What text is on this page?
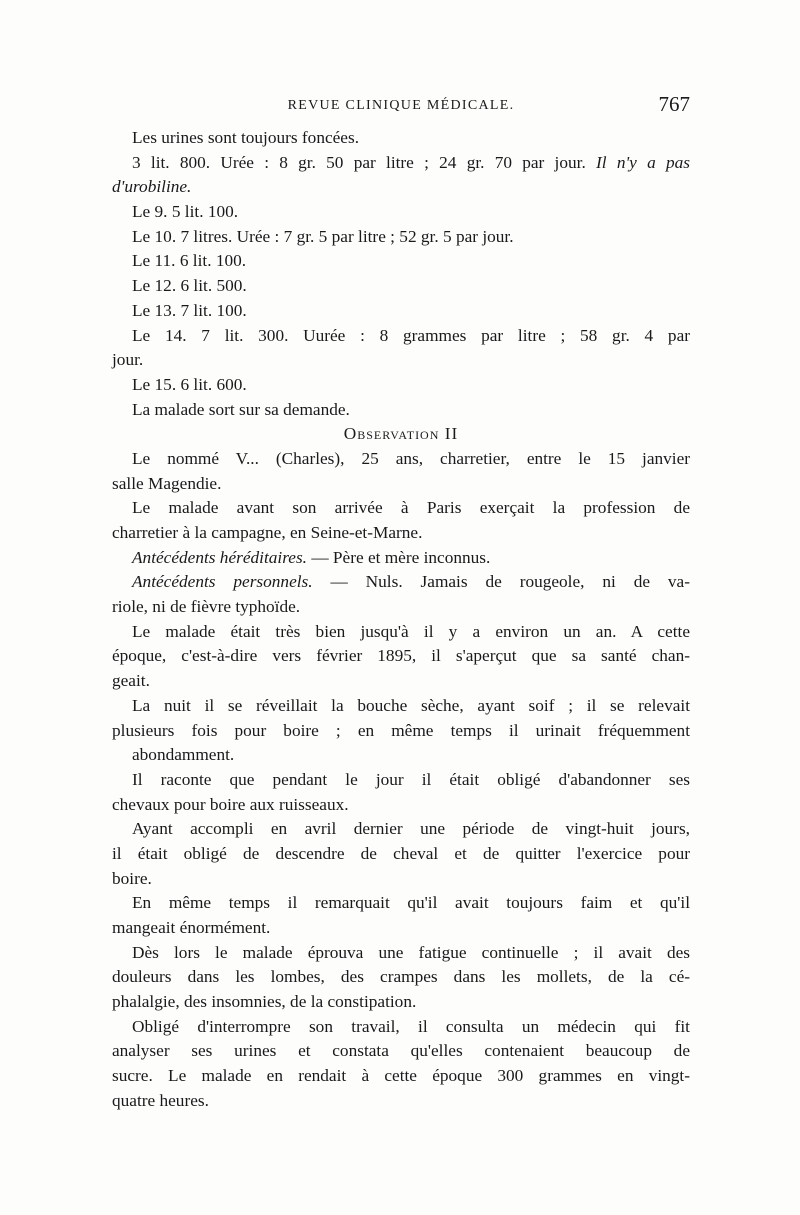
REVUE CLINIQUE MÉDICALE.	767
Les urines sont toujours foncées.
3 lit. 800. Urée : 8 gr. 50 par litre ; 24 gr. 70 par jour. Il n'y a pas
d'urobiline.
Le 9. 5 lit. 100.
Le 10. 7 litres. Urée : 7 gr. 5 par litre ; 52 gr. 5 par jour.
Le 11. 6 lit. 100.
Le 12. 6 lit. 500.
Le 13. 7 lit. 100.
Le 14. 7 lit. 300. Uurée : 8 grammes par litre ; 58 gr. 4 par
jour.
Le 15. 6 lit. 600.
La malade sort sur sa demande.
Observation II
Le nommé V... (Charles), 25 ans, charretier, entre le 15 janvier
salle Magendie.
Le malade avant son arrivée à Paris exerçait la profession de
charretier à la campagne, en Seine-et-Marne.
Antécédents héréditaires. — Père et mère inconnus.
Antécédents personnels. — Nuls. Jamais de rougeole, ni de va-
riole, ni de fièvre typhoïde.
Le malade était très bien jusqu'à il y a environ un an. A cette
époque, c'est-à-dire vers février 1895, il s'aperçut que sa santé chan-
geait.
La nuit il se réveillait la bouche sèche, ayant soif ; il se relevait
plusieurs fois pour boire ; en même temps il urinait fréquemment
abondamment.
Il raconte que pendant le jour il était obligé d'abandonner ses
chevaux pour boire aux ruisseaux.
Ayant accompli en avril dernier une période de vingt-huit jours,
il était obligé de descendre de cheval et de quitter l'exercice pour
boire.
En même temps il remarquait qu'il avait toujours faim et qu'il
mangeait énormément.
Dès lors le malade éprouva une fatigue continuelle ; il avait des
douleurs dans les lombes, des crampes dans les mollets, de la cé-
phalalgie, des insomnies, de la constipation.
Obligé d'interrompre son travail, il consulta un médecin qui fit
analyser ses urines et constata qu'elles contenaient beaucoup de
sucre. Le malade en rendait à cette époque 300 grammes en vingt-
quatre heures.
